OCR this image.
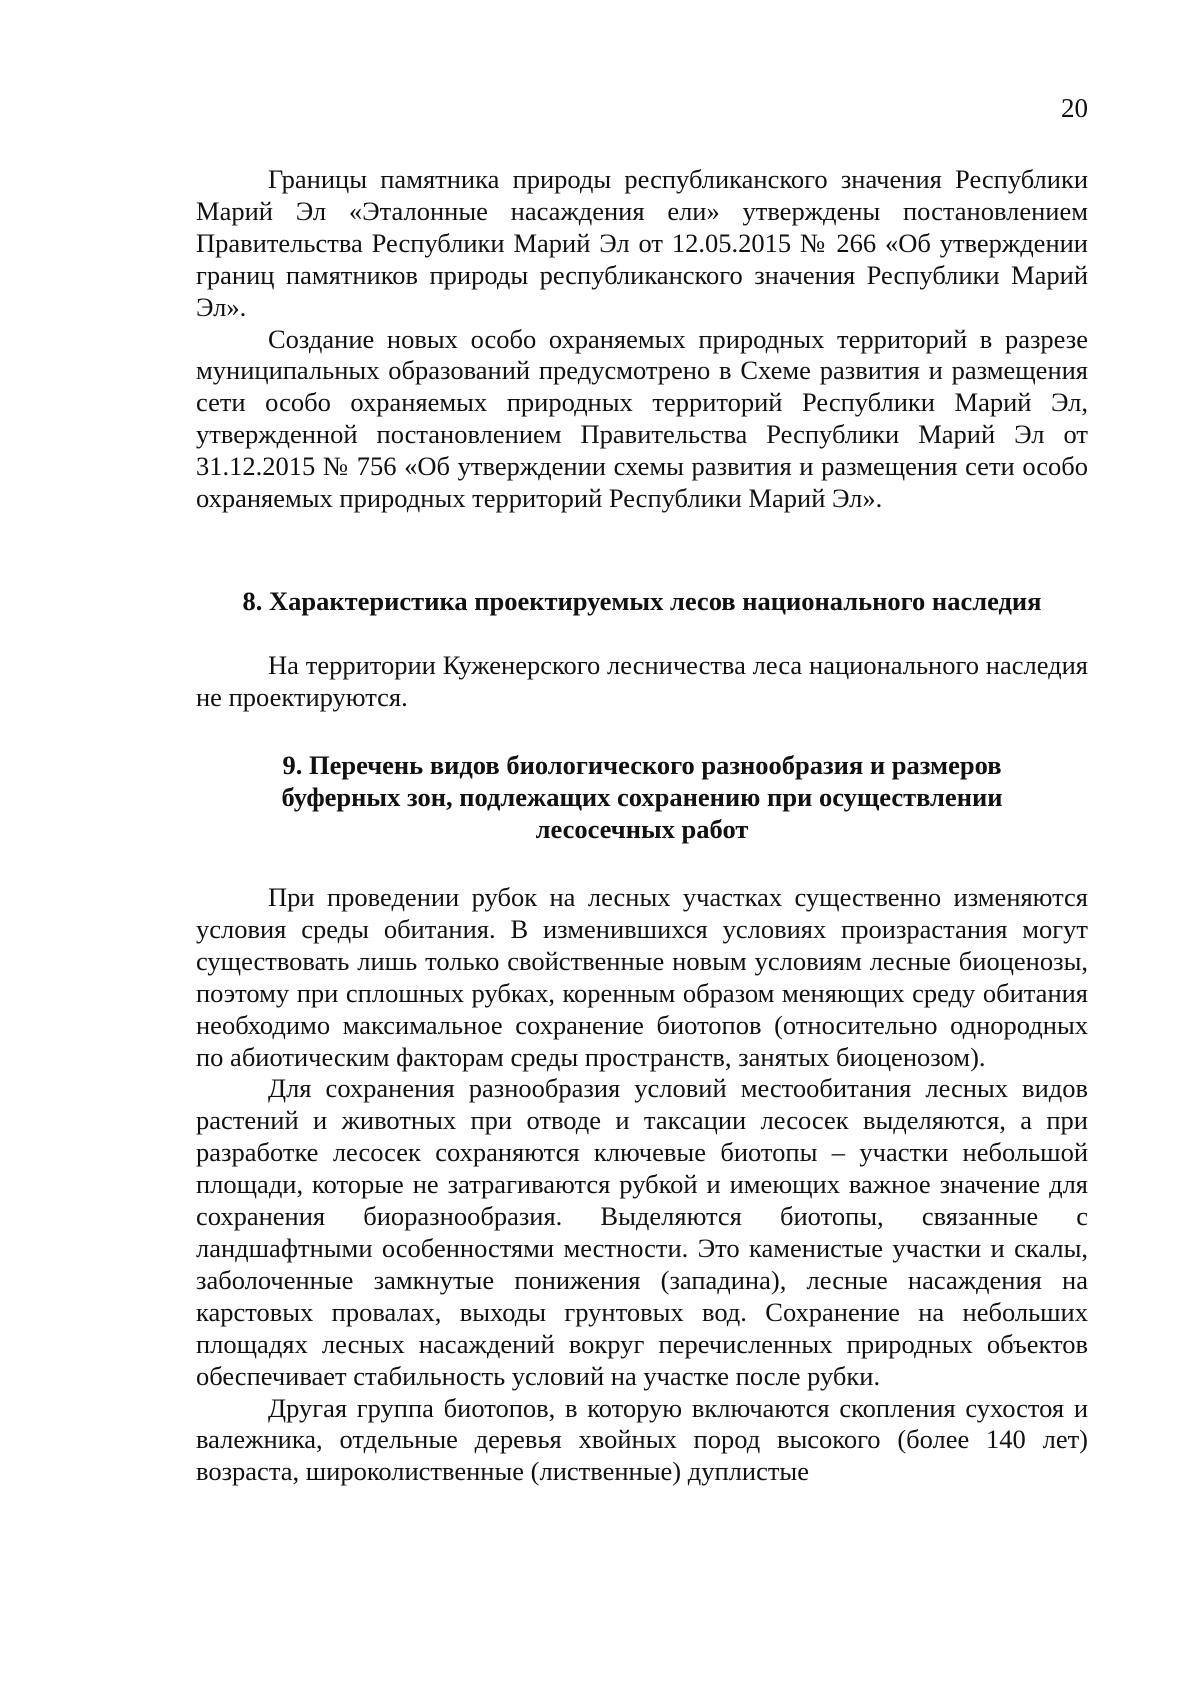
20

Границы памятника природы республиканского значения Республики Марий Эл «Эталонные насаждения ели» утверждены постановлением Правительства Республики Марий Эл от 12.05.2015 № 266 «Об утверждении границ памятников природы республиканского значения Республики Марий Эл».

Создание новых особо охраняемых природных территорий в разрезе муниципальных образований предусмотрено в Схеме развития и размещения сети особо охраняемых природных территорий Республики Марий Эл, утвержденной постановлением Правительства Республики Марий Эл от 31.12.2015 № 756 «Об утверждении схемы развития и размещения сети особо охраняемых природных территорий Республики Марий Эл».

8. Характеристика проектируемых лесов национального наследия

На территории Куженерского лесничества леса национального наследия не проектируются.

9. Перечень видов биологического разнообразия и размеров буферных зон, подлежащих сохранению при осуществлении лесосечных работ

При проведении рубок на лесных участках существенно изменяются условия среды обитания. В изменившихся условиях произрастания могут существовать лишь только свойственные новым условиям лесные биоценозы, поэтому при сплошных рубках, коренным образом меняющих среду обитания необходимо максимальное сохранение биотопов (относительно однородных по абиотическим факторам среды пространств, занятых биоценозом).

Для сохранения разнообразия условий местообитания лесных видов растений и животных при отводе и таксации лесосек выделяются, а при разработке лесосек сохраняются ключевые биотопы – участки небольшой площади, которые не затрагиваются рубкой и имеющих важное значение для сохранения биоразнообразия. Выделяются биотопы, связанные с ландшафтными особенностями местности. Это каменистые участки и скалы, заболоченные замкнутые понижения (западина), лесные насаждения на карстовых провалах, выходы грунтовых вод. Сохранение на небольших площадях лесных насаждений вокруг перечисленных природных объектов обеспечивает стабильность условий на участке после рубки.

Другая группа биотопов, в которую включаются скопления сухостоя и валежника, отдельные деревья хвойных пород высокого (более 140 лет) возраста, широколиственные (лиственные) дуплистые
